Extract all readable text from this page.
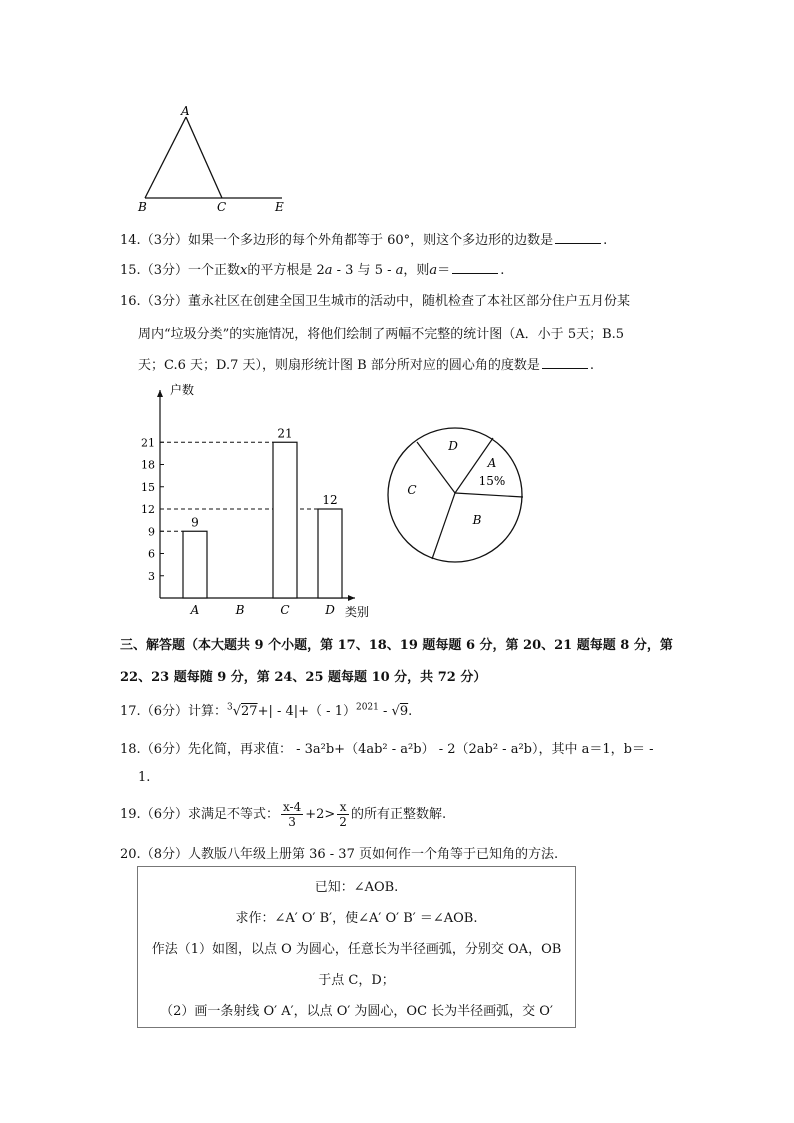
A
B	C	E
14.（3分）如果一个多边形的每个外角都等于 60°，则这个多边形的边数是	.
15.（3分）一个正数x的平方根是 2a - 3 与 5 - a，则a＝	.
16.（3分）董永社区在创建全国卫生城市的活动中，随机检查了本社区部分住户五月份某
周内“垃圾分类”的实施情况，将他们绘制了两幅不完整的统计图（A．小于 5天；B.5
天；C.6 天；D.7 天），则扇形统计图 B 部分所对应的圆心角的度数是	.
户数
类别
3
6
9
12
15
18
21
9
A	B
21
C
12
D
A
15%
B
C
D
三、解答题（本大题共 9 个小题，第 17、18、19 题每题 6 分，第 20、21 题每题 8 分，第
22、23 题每随 9 分，第 24、25 题每题 10 分，共 72 分）
17.（6分）计算：$^3$√27+| - 4|+（ - 1）$^{2021}$ - √9.
18.（6分）先化简，再求值： - 3a²b+（4ab² - a²b） - 2（2ab² - a²b），其中 a＝1，b＝ -
1.
19.（6分）求满足不等式： $\frac{x-4}{3} +2> \frac{x}{2}$ 的所有正整数解.
20.（8分）人教版八年级上册第 36 - 37 页如何作一个角等于已知角的方法.
已知：∠AOB.
求作：∠A′ O′ B′，使∠A′ O′ B′ ＝∠AOB.
作法（1）如图，以点 O 为圆心，任意长为半径画弧，分别交 OA，OB
于点 C，D；
（2）画一条射线 O′ A′，以点 O′ 为圆心，OC 长为半径画弧，交 O′
